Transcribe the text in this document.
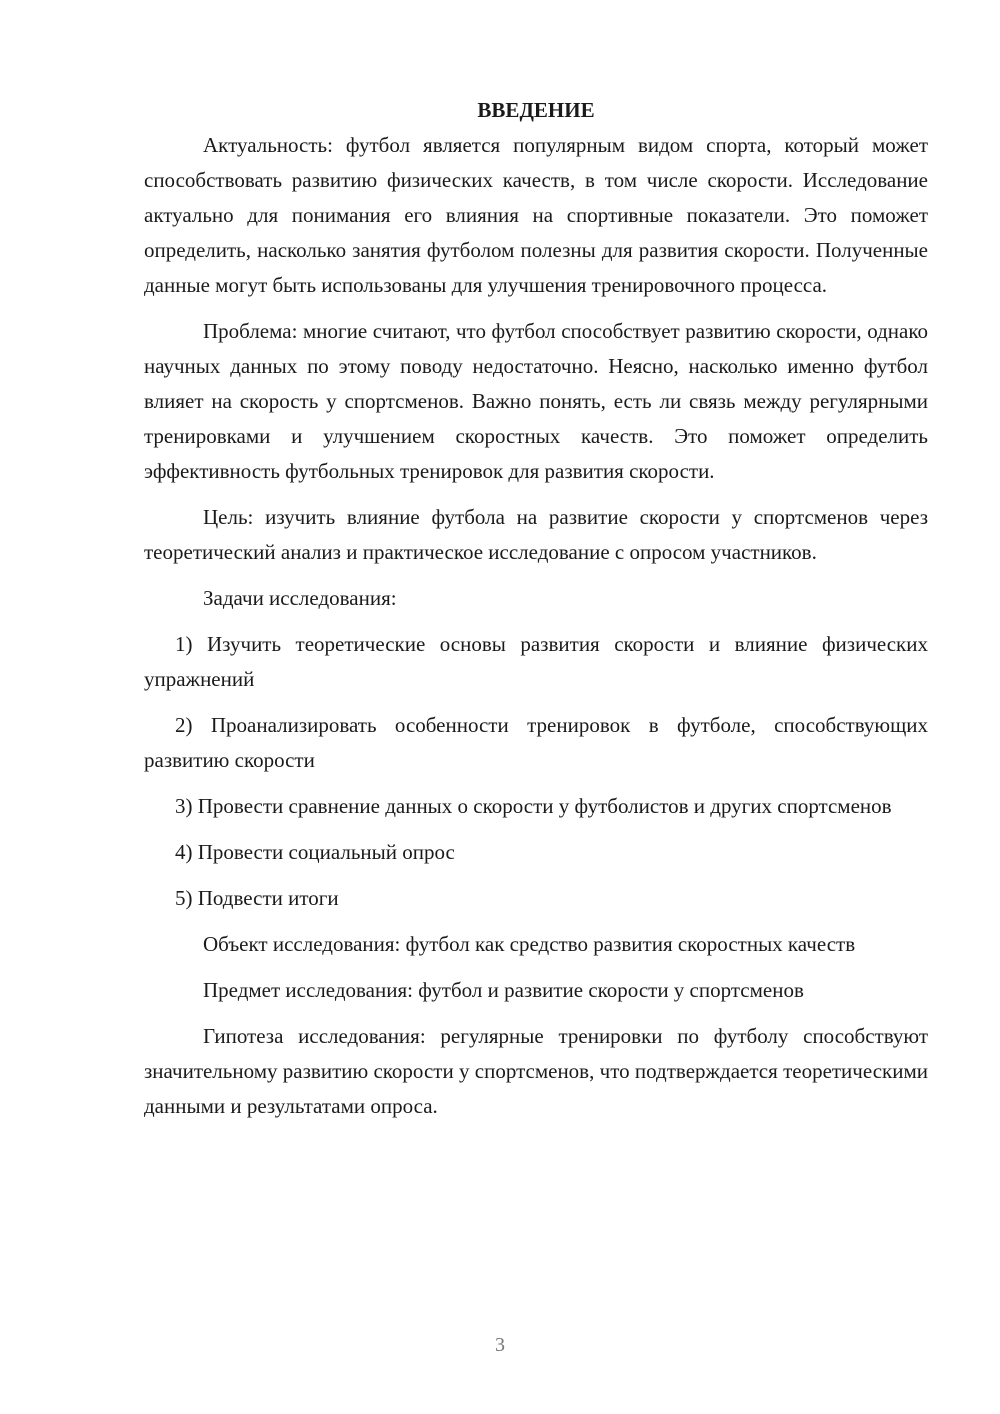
ВВЕДЕНИЕ

Актуальность: футбол является популярным видом спорта, который может способствовать развитию физических качеств, в том числе скорости. Исследование актуально для понимания его влияния на спортивные показатели. Это поможет определить, насколько занятия футболом полезны для развития скорости. Полученные данные могут быть использованы для улучшения тренировочного процесса.

Проблема: многие считают, что футбол способствует развитию скорости, однако научных данных по этому поводу недостаточно. Неясно, насколько именно футбол влияет на скорость у спортсменов. Важно понять, есть ли связь между регулярными тренировками и улучшением скоростных качеств. Это поможет определить эффективность футбольных тренировок для развития скорости.

Цель: изучить влияние футбола на развитие скорости у спортсменов через теоретический анализ и практическое исследование с опросом участников.

Задачи исследования:

1) Изучить теоретические основы развития скорости и влияние физических упражнений

2) Проанализировать особенности тренировок в футболе, способствующих развитию скорости

3) Провести сравнение данных о скорости у футболистов и других спортсменов

4) Провести социальный опрос

5) Подвести итоги

Объект исследования: футбол как средство развития скоростных качеств

Предмет исследования: футбол и развитие скорости у спортсменов

Гипотеза исследования: регулярные тренировки по футболу способствуют значительному развитию скорости у спортсменов, что подтверждается теоретическими данными и результатами опроса.

3
